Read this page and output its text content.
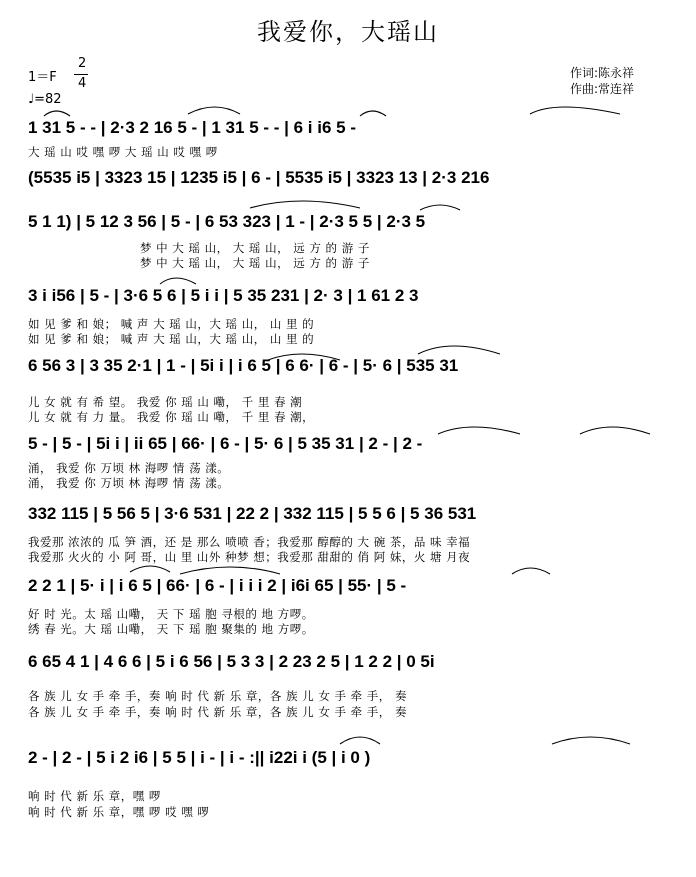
我爱你，大瑶山
1＝F
2
4
♩=82
作词:陈永祥
作曲:常连祥
1 31 5 - - | 2·3 2 16 5 - | 1 31 5 - - | 6 i i6 5 -
大 瑶 山 哎 嘿 啰 大 瑶 山 哎 嘿 啰
(5535 i5 | 3323 15 | 1235 i5 | 6 - | 5535 i5 | 3323 13 | 2·3 216
5 1 1) | 5 12 3 56 | 5 - | 6 53 323 | 1 - | 2·3 5 5 | 2·3 5
梦 中 大 瑶 山， 大 瑶 山， 远 方 的 游 子
梦 中 大 瑶 山， 大 瑶 山， 远 方 的 游 子
3 i i56 | 5 - | 3·6 5 6 | 5 i i | 5 35 231 | 2· 3 | 1 61 2 3
如 见 爹 和 娘； 喊 声 大 瑶 山，大 瑶 山， 山 里 的
如 见 爹 和 娘； 喊 声 大 瑶 山，大 瑶 山， 山 里 的
6 56 3 | 3 35 2·1 | 1 - | 5i i | i 6 5 | 6 6· | 6 - | 5· 6 | 535 31
儿 女 就 有 希 望。 我爱 你 瑶 山 嘞， 千 里 春 潮
儿 女 就 有 力 量。 我爱 你 瑶 山 嘞， 千 里 春 潮，
5 - | 5 - | 5i i | ii 65 | 66· | 6 - | 5· 6 | 5 35 31 | 2 - | 2 -
涌， 我爱 你 万顷 林 海啰 情 荡 漾。
涌， 我爱 你 万顷 林 海啰 情 荡 漾。
332 115 | 5 56 5 | 3·6 531 | 22 2 | 332 115 | 5 5 6 | 5 36 531
我爱那 浓浓的 瓜 笋 酒，还 是 那么 喷喷 香；我爱那 醇醇的 大 碗 茶，品 味 幸福
我爱那 火火的 小 阿 哥，山 里 山外 种梦 想；我爱那 甜甜的 俏 阿 妹，火 塘 月夜
2 2 1 | 5· i | i 6 5 | 66· | 6 - | i i i 2 | i6i 65 | 55· | 5 -
好 时 光。太 瑶 山嘞， 天 下 瑶 胞 寻根的 地 方啰。
绣 春 光。大 瑶 山嘞， 天 下 瑶 胞 聚集的 地 方啰。
6 65 4 1 | 4 6 6 | 5 i 6 56 | 5 3 3 | 2 23 2 5 | 1 2 2 | 0 5i
各 族 儿 女 手 牵 手，奏 响 时 代 新 乐 章，各 族 儿 女 手 牵 手， 奏
各 族 儿 女 手 牵 手，奏 响 时 代 新 乐 章，各 族 儿 女 手 牵 手， 奏
2 - | 2 - | 5 i 2 i6 | 5 5 | i - | i - :|| i22i i (5 | i 0 )
响 时 代 新 乐 章，嘿 啰
响 时 代 新 乐 章，嘿 啰 哎 嘿 啰
